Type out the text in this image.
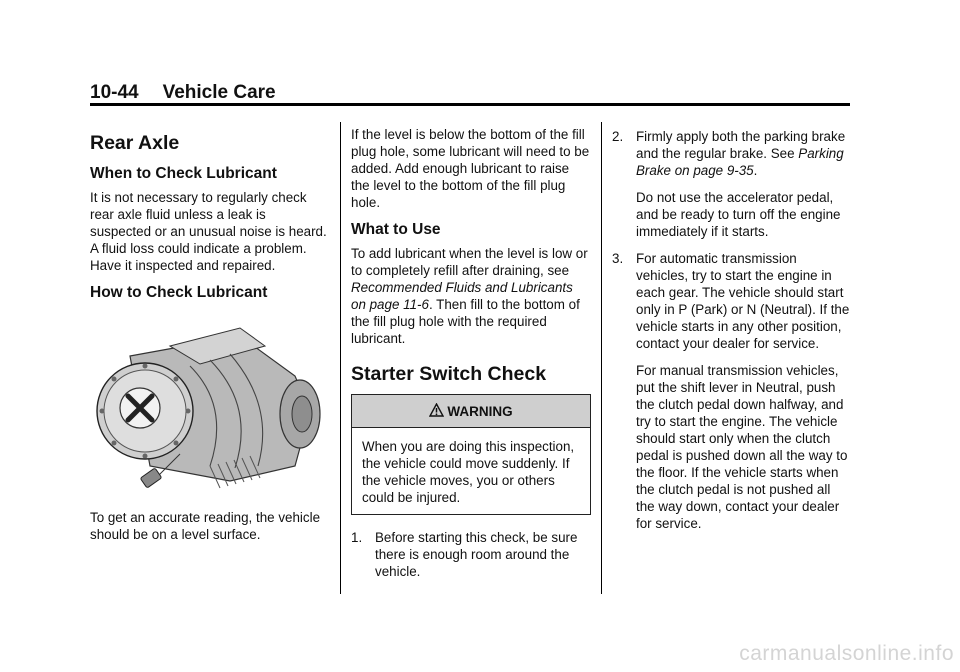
10-44 Vehicle Care
Rear Axle
When to Check Lubricant

It is not necessary to regularly check rear axle fluid unless a leak is suspected or an unusual noise is heard. A fluid loss could indicate a problem. Have it inspected and repaired.

How to Check Lubricant

To get an accurate reading, the vehicle should be on a level surface.

If the level is below the bottom of the fill plug hole, some lubricant will need to be added. Add enough lubricant to raise the level to the bottom of the fill plug hole.

What to Use

To add lubricant when the level is low or to completely refill after draining, see Recommended Fluids and Lubricants on page 11-6. Then fill to the bottom of the fill plug hole with the required lubricant.

Starter Switch Check
WARNING
When you are doing this inspection, the vehicle could move suddenly. If the vehicle moves, you or others could be injured.
1. Before starting this check, be sure there is enough room around the vehicle.
2. Firmly apply both the parking brake and the regular brake. See Parking Brake on page 9-35.

Do not use the accelerator pedal, and be ready to turn off the engine immediately if it starts.

3. For automatic transmission vehicles, try to start the engine in each gear. The vehicle should start only in P (Park) or N (Neutral). If the vehicle starts in any other position, contact your dealer for service.

For manual transmission vehicles, put the shift lever in Neutral, push the clutch pedal down halfway, and try to start the engine. The vehicle should start only when the clutch pedal is pushed down all the way to the floor. If the vehicle starts when the clutch pedal is not pushed all the way down, contact your dealer for service.

carmanualsonline.info
